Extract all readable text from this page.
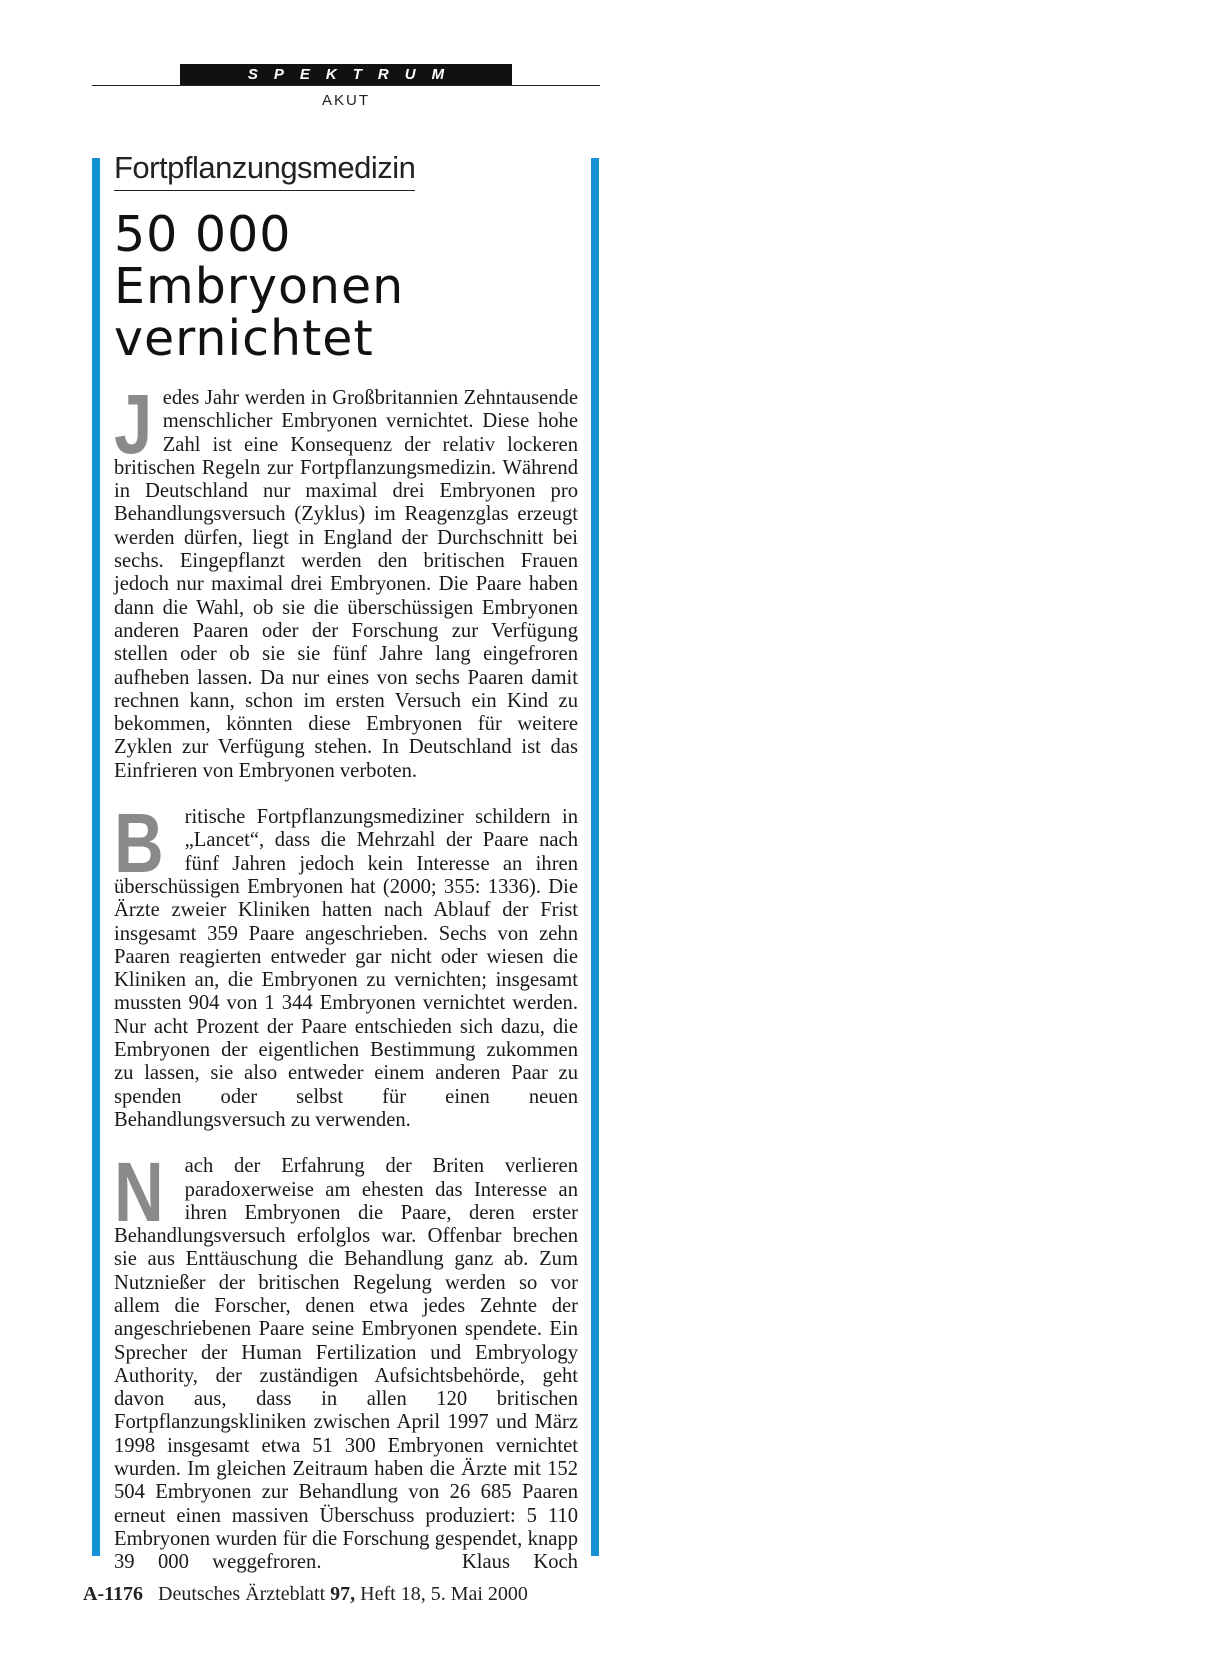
SPEKTRUM
AKUT
Fortpflanzungsmedizin
50 000 Embryonen
vernichtet

J edes Jahr werden in Großbritannien Zehntausende menschlicher Embryonen vernichtet. Diese hohe Zahl ist eine Konsequenz der relativ lockeren britischen Regeln zur Fortpflanzungsmedizin. Während in Deutschland nur maximal drei Embryonen pro Behandlungsversuch (Zyklus) im Reagenzglas erzeugt werden dürfen, liegt in England der Durchschnitt bei sechs. Eingepflanzt werden den britischen Frauen jedoch nur maximal drei Embryonen. Die Paare haben dann die Wahl, ob sie die überschüssigen Embryonen anderen Paaren oder der Forschung zur Verfügung stellen oder ob sie sie fünf Jahre lang eingefroren aufheben lassen. Da nur eines von sechs Paaren damit rechnen kann, schon im ersten Versuch ein Kind zu bekommen, könnten diese Embryonen für weitere Zyklen zur Verfügung stehen. In Deutschland ist das Einfrieren von Embryonen verboten.

B ritische Fortpflanzungsmediziner schildern in „Lancet“, dass die Mehrzahl der Paare nach fünf Jahren jedoch kein Interesse an ihren überschüssigen Embryonen hat (2000; 355: 1336). Die Ärzte zweier Kliniken hatten nach Ablauf der Frist insgesamt 359 Paare angeschrieben. Sechs von zehn Paaren reagierten entweder gar nicht oder wiesen die Kliniken an, die Embryonen zu vernichten; insgesamt mussten 904 von 1 344 Embryonen vernichtet werden. Nur acht Prozent der Paare entschieden sich dazu, die Embryonen der eigentlichen Bestimmung zukommen zu lassen, sie also entweder einem anderen Paar zu spenden oder selbst für einen neuen Behandlungsversuch zu verwenden.

N ach der Erfahrung der Briten verlieren paradoxerweise am ehesten das Interesse an ihren Embryonen die Paare, deren erster Behandlungsversuch erfolglos war. Offenbar brechen sie aus Enttäuschung die Behandlung ganz ab. Zum Nutznießer der britischen Regelung werden so vor allem die Forscher, denen etwa jedes Zehnte der angeschriebenen Paare seine Embryonen spendete. Ein Sprecher der Human Fertilization und Embryology Authority, der zuständigen Aufsichtsbehörde, geht davon aus, dass in allen 120 britischen Fortpflanzungskliniken zwischen April 1997 und März 1998 insgesamt etwa 51 300 Embryonen vernichtet wurden. Im gleichen Zeitraum haben die Ärzte mit 152 504 Embryonen zur Behandlung von 26 685 Paaren erneut einen massiven Überschuss produziert: 5 110 Embryonen wurden für die Forschung gespendet, knapp 39 000 weggefroren.	Klaus Koch

A-1176 Deutsches Ärzteblatt 97, Heft 18, 5. Mai 2000
